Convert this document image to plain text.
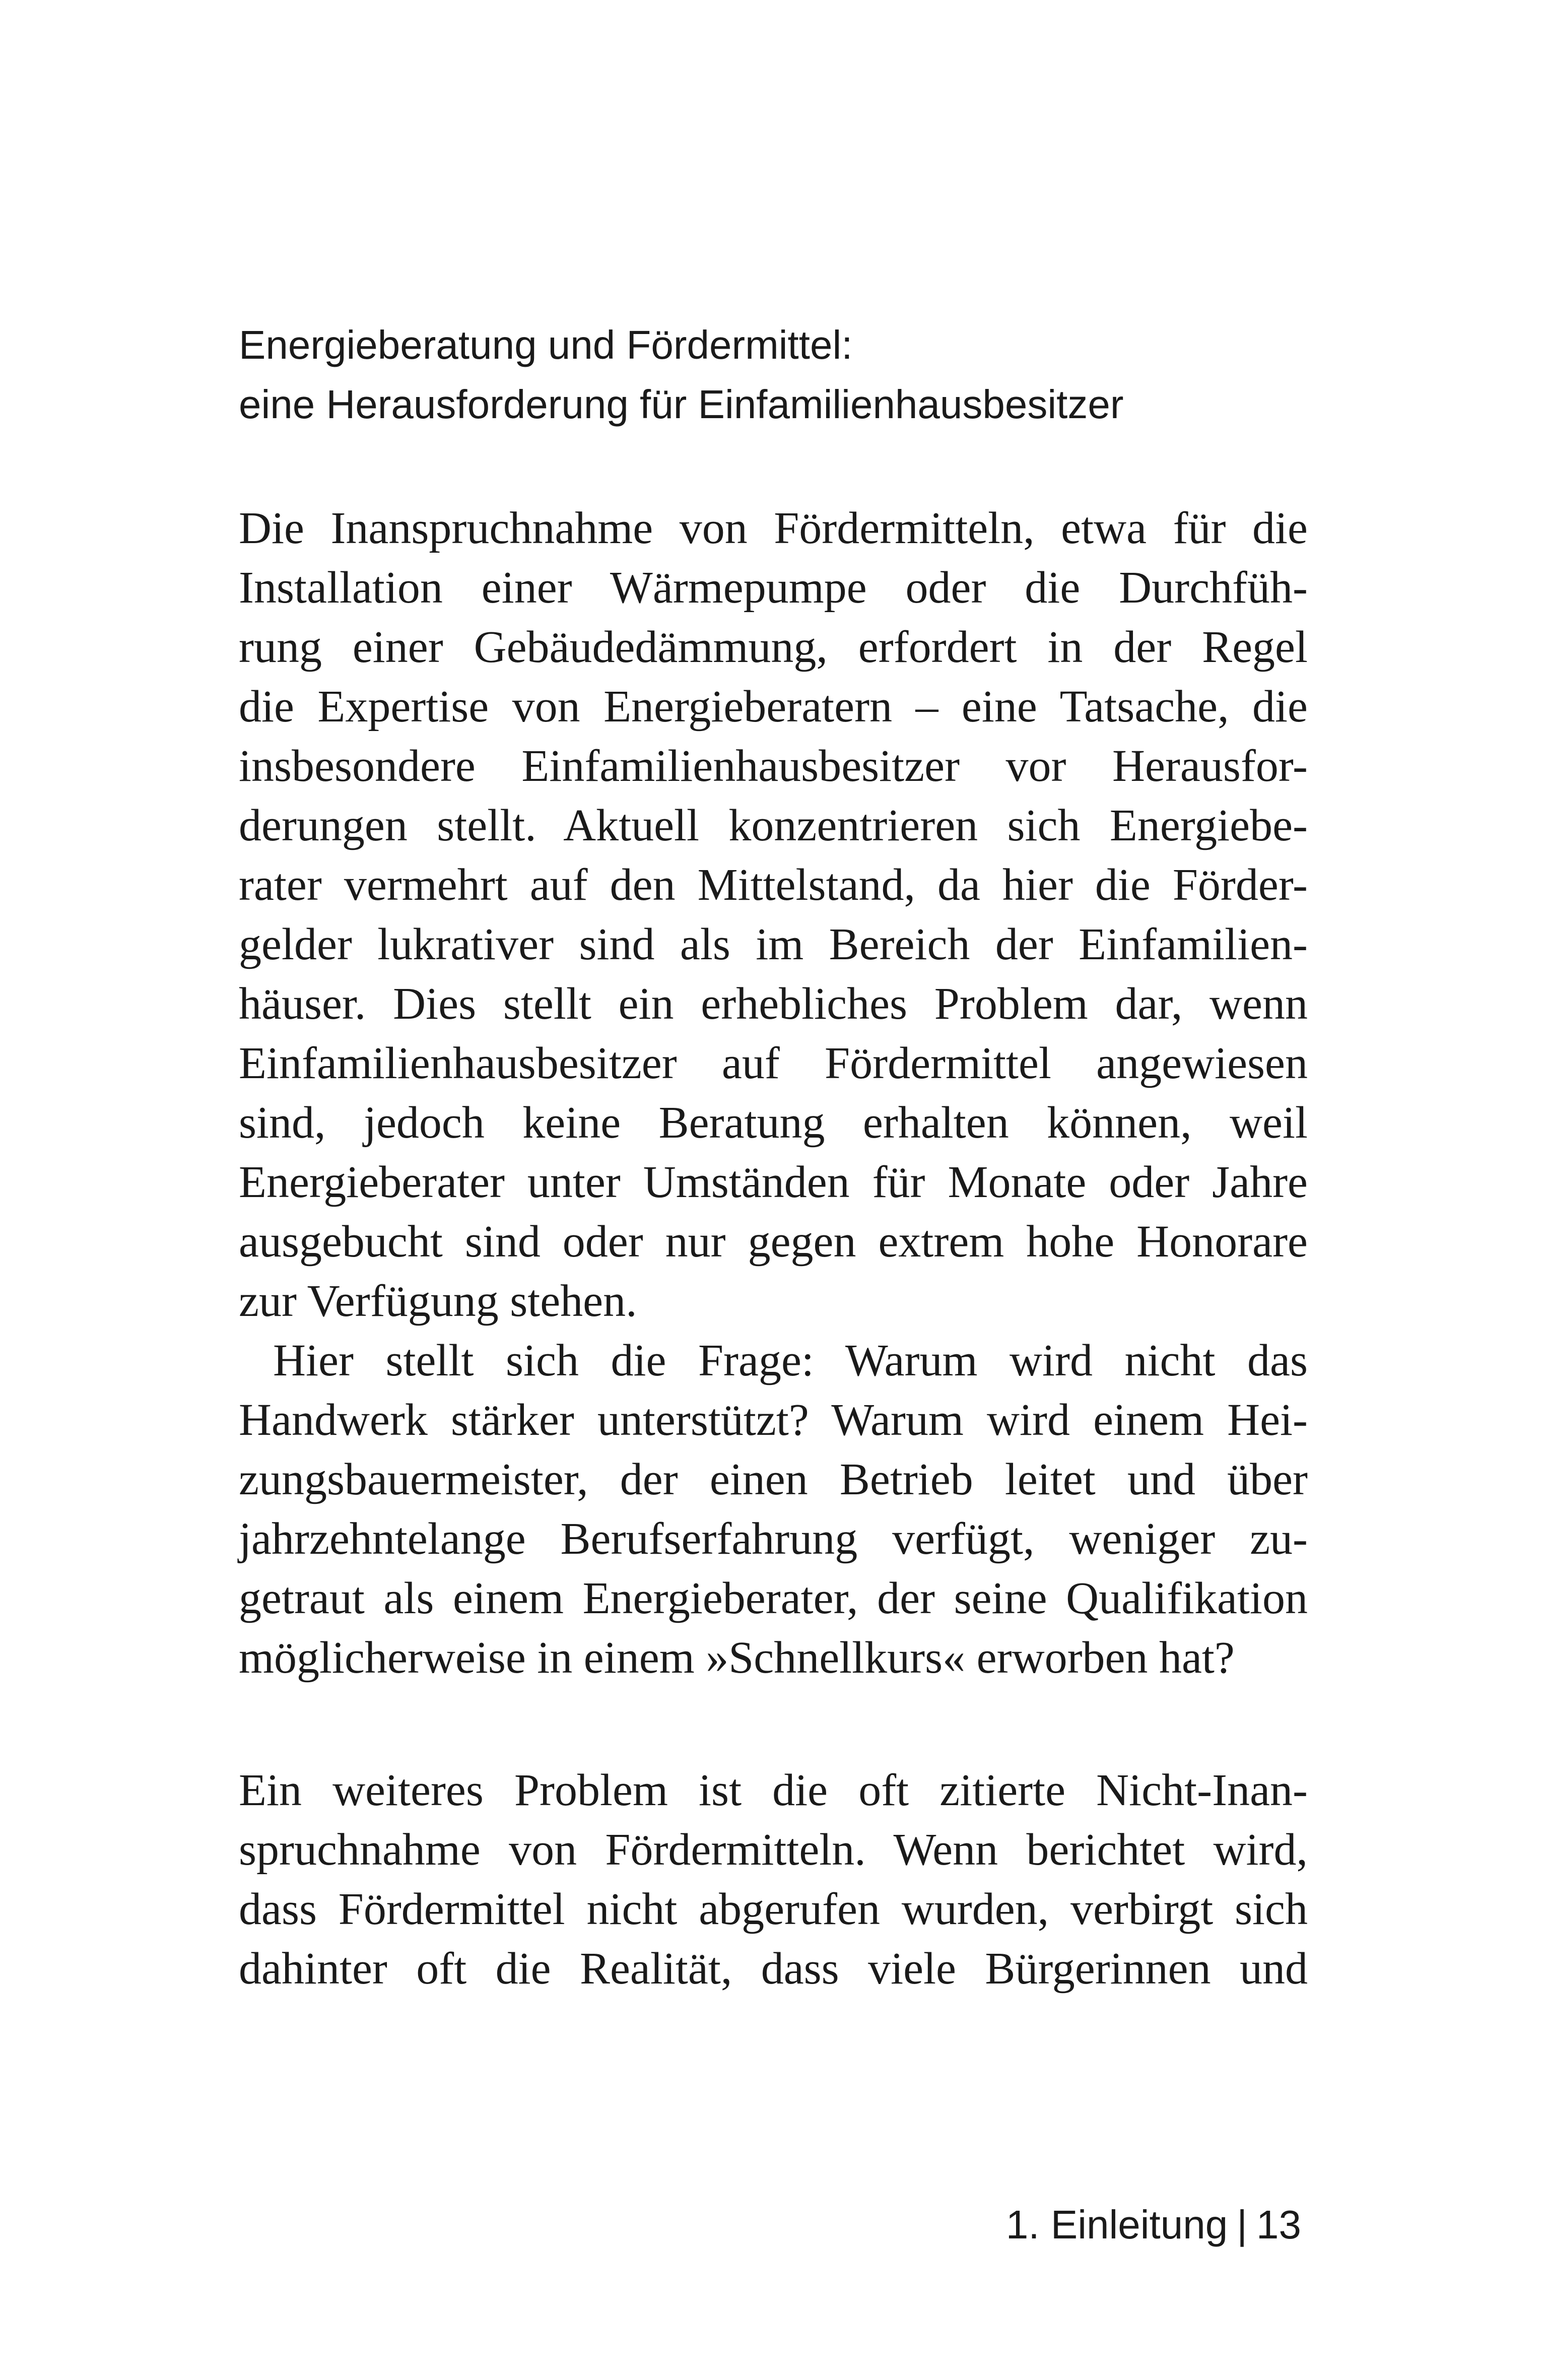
Energieberatung und Fördermittel:
eine Herausforderung für Einfamilienhausbesitzer
Die Inanspruchnahme von Fördermitteln, etwa für die
Installation einer Wärmepumpe oder die Durchfüh-
rung einer Gebäudedämmung, erfordert in der Regel
die Expertise von Energieberatern – eine Tatsache, die
insbesondere Einfamilienhausbesitzer vor Herausfor-
derungen stellt. Aktuell konzentrieren sich Energiebe-
rater vermehrt auf den Mittelstand, da hier die Förder-
gelder lukrativer sind als im Bereich der Einfamilien-
häuser. Dies stellt ein erhebliches Problem dar, wenn
Einfamilienhausbesitzer auf Fördermittel angewiesen
sind, jedoch keine Beratung erhalten können, weil
Energieberater unter Umständen für Monate oder Jahre
ausgebucht sind oder nur gegen extrem hohe Honorare
zur Verfügung stehen.
Hier stellt sich die Frage: Warum wird nicht das
Handwerk stärker unterstützt? Warum wird einem Hei-
zungsbauermeister, der einen Betrieb leitet und über
jahrzehntelange Berufserfahrung verfügt, weniger zu-
getraut als einem Energieberater, der seine Qualifikation
möglicherweise in einem »Schnellkurs« erworben hat?
Ein weiteres Problem ist die oft zitierte Nicht-Inan-
spruchnahme von Fördermitteln. Wenn berichtet wird,
dass Fördermittel nicht abgerufen wurden, verbirgt sich
dahinter oft die Realität, dass viele Bürgerinnen und
1. Einleitung | 13
